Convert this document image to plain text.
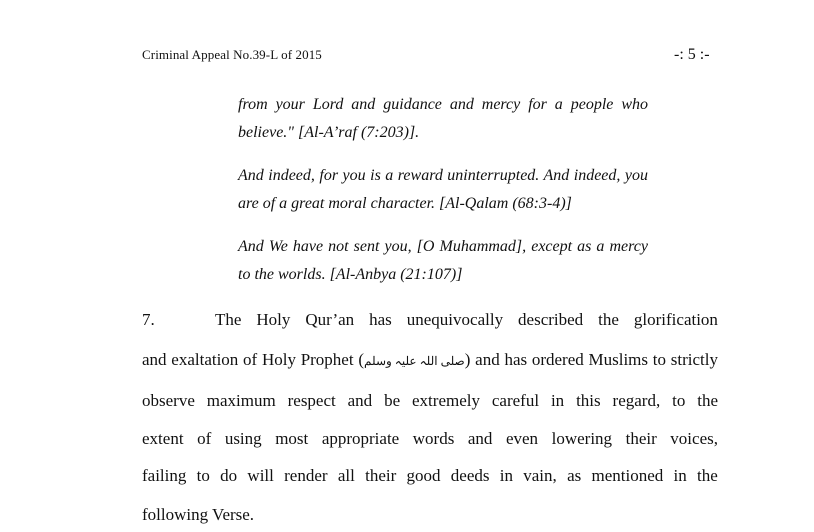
Criminal Appeal No.39-L of 2015	-: 5 :-

from your Lord and guidance and mercy for a people who believe." [Al-A’raf (7:203)].

And indeed, for you is a reward uninterrupted. And indeed, you are of a great moral character. [Al-Qalam (68:3-4)]

And We have not sent you, [O Muhammad], except as a mercy to the worlds. [Al-Anbya (21:107)]

7.	The Holy Qur’an has unequivocally described the glorification
and exaltation of Holy Prophet (صلی اللہ علیہ وسلم) and has ordered Muslims to strictly
observe maximum respect and be extremely careful in this regard, to the
extent of using most appropriate words and even lowering their voices,
failing to do will render all their good deeds in vain, as mentioned in the
following Verse.
